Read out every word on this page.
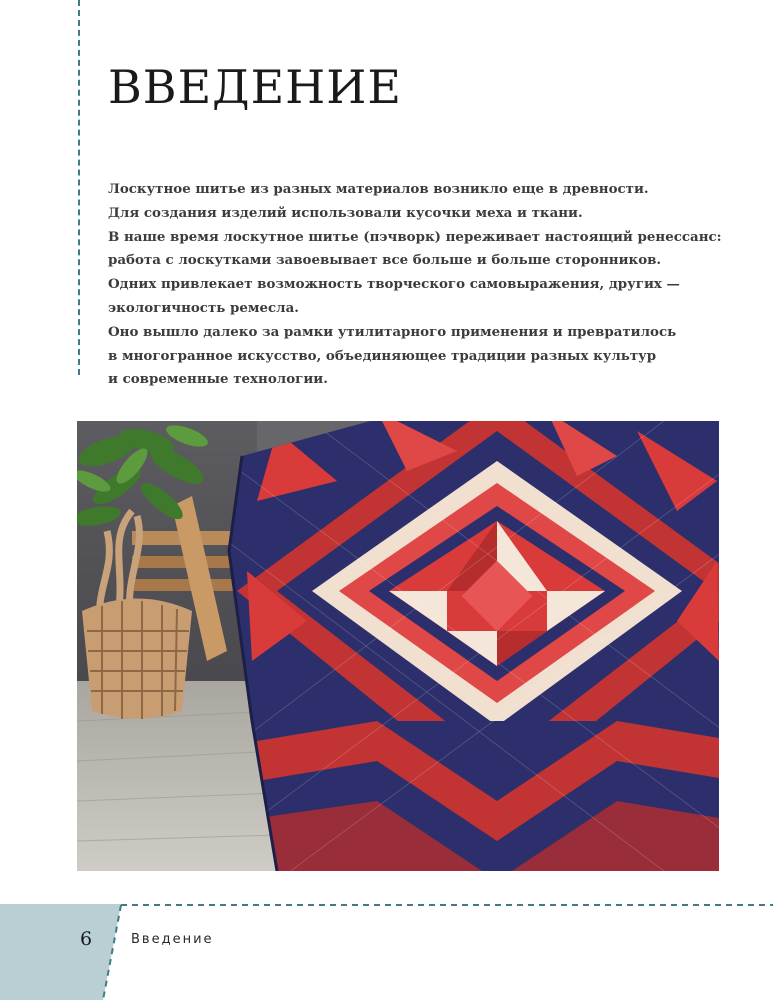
ВВЕДЕНИЕ

Лоскутное шитье из разных материалов возникло еще в древности.
Для создания изделий использовали кусочки меха и ткани.
В наше время лоскутное шитье (пэчворк) переживает настоящий ренессанс:
работа с лоскутками завоевывает все больше и больше сторонников.
Одних привлекает возможность творческого самовыражения, других —
экологичность ремесла.
Оно вышло далеко за рамки утилитарного применения и превратилось
в многогранное искусство, объединяющее традиции разных культур
и современные технологии.

6	Введение
